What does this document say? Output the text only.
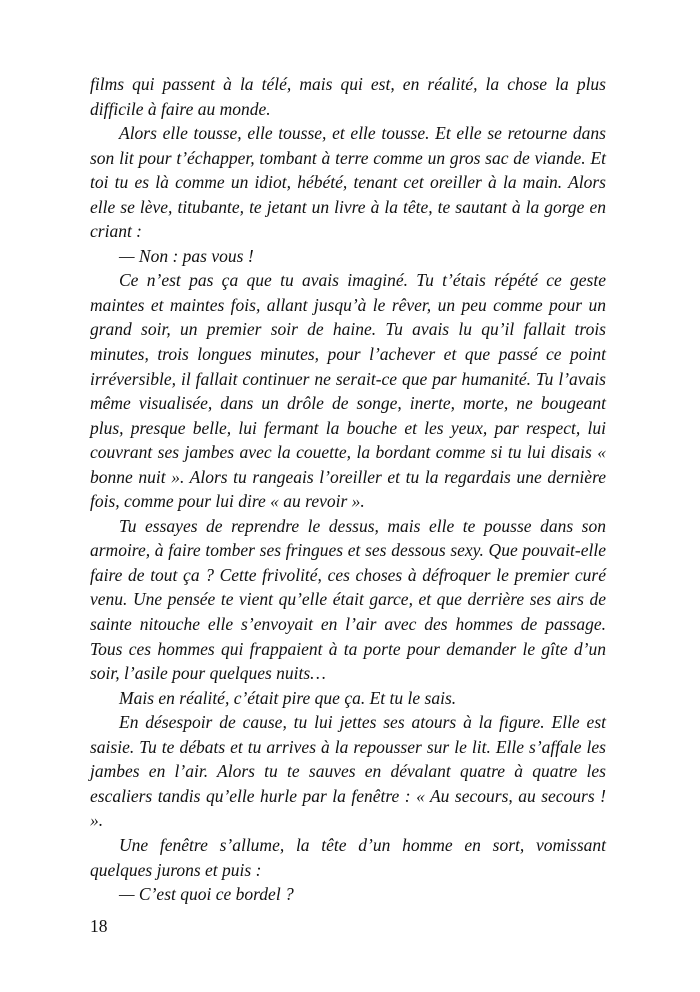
films qui passent à la télé, mais qui est, en réalité, la chose la plus difficile à faire au monde.

Alors elle tousse, elle tousse, et elle tousse. Et elle se retourne dans son lit pour t’échapper, tombant à terre comme un gros sac de viande. Et toi tu es là comme un idiot, hébété, tenant cet oreiller à la main. Alors elle se lève, titubante, te jetant un livre à la tête, te sautant à la gorge en criant :

— Non : pas vous !

Ce n’est pas ça que tu avais imaginé. Tu t’étais répété ce geste maintes et maintes fois, allant jusqu’à le rêver, un peu comme pour un grand soir, un premier soir de haine. Tu avais lu qu’il fallait trois minutes, trois longues minutes, pour l’achever et que passé ce point irréversible, il fallait continuer ne serait-ce que par humanité. Tu l’avais même visualisée, dans un drôle de songe, inerte, morte, ne bougeant plus, presque belle, lui fermant la bouche et les yeux, par respect, lui couvrant ses jambes avec la couette, la bordant comme si tu lui disais « bonne nuit ». Alors tu rangeais l’oreiller et tu la regardais une dernière fois, comme pour lui dire « au revoir ».

Tu essayes de reprendre le dessus, mais elle te pousse dans son armoire, à faire tomber ses fringues et ses dessous sexy. Que pouvait-elle faire de tout ça ? Cette frivolité, ces choses à défroquer le premier curé venu. Une pensée te vient qu’elle était garce, et que derrière ses airs de sainte nitouche elle s’envoyait en l’air avec des hommes de passage. Tous ces hommes qui frappaient à ta porte pour demander le gîte d’un soir, l’asile pour quelques nuits…

Mais en réalité, c’était pire que ça. Et tu le sais.

En désespoir de cause, tu lui jettes ses atours à la figure. Elle est saisie. Tu te débats et tu arrives à la repousser sur le lit. Elle s’affale les jambes en l’air. Alors tu te sauves en dévalant quatre à quatre les escaliers tandis qu’elle hurle par la fenêtre : « Au secours, au secours ! ».

Une fenêtre s’allume, la tête d’un homme en sort, vomissant quelques jurons et puis :

— C’est quoi ce bordel ?

18
